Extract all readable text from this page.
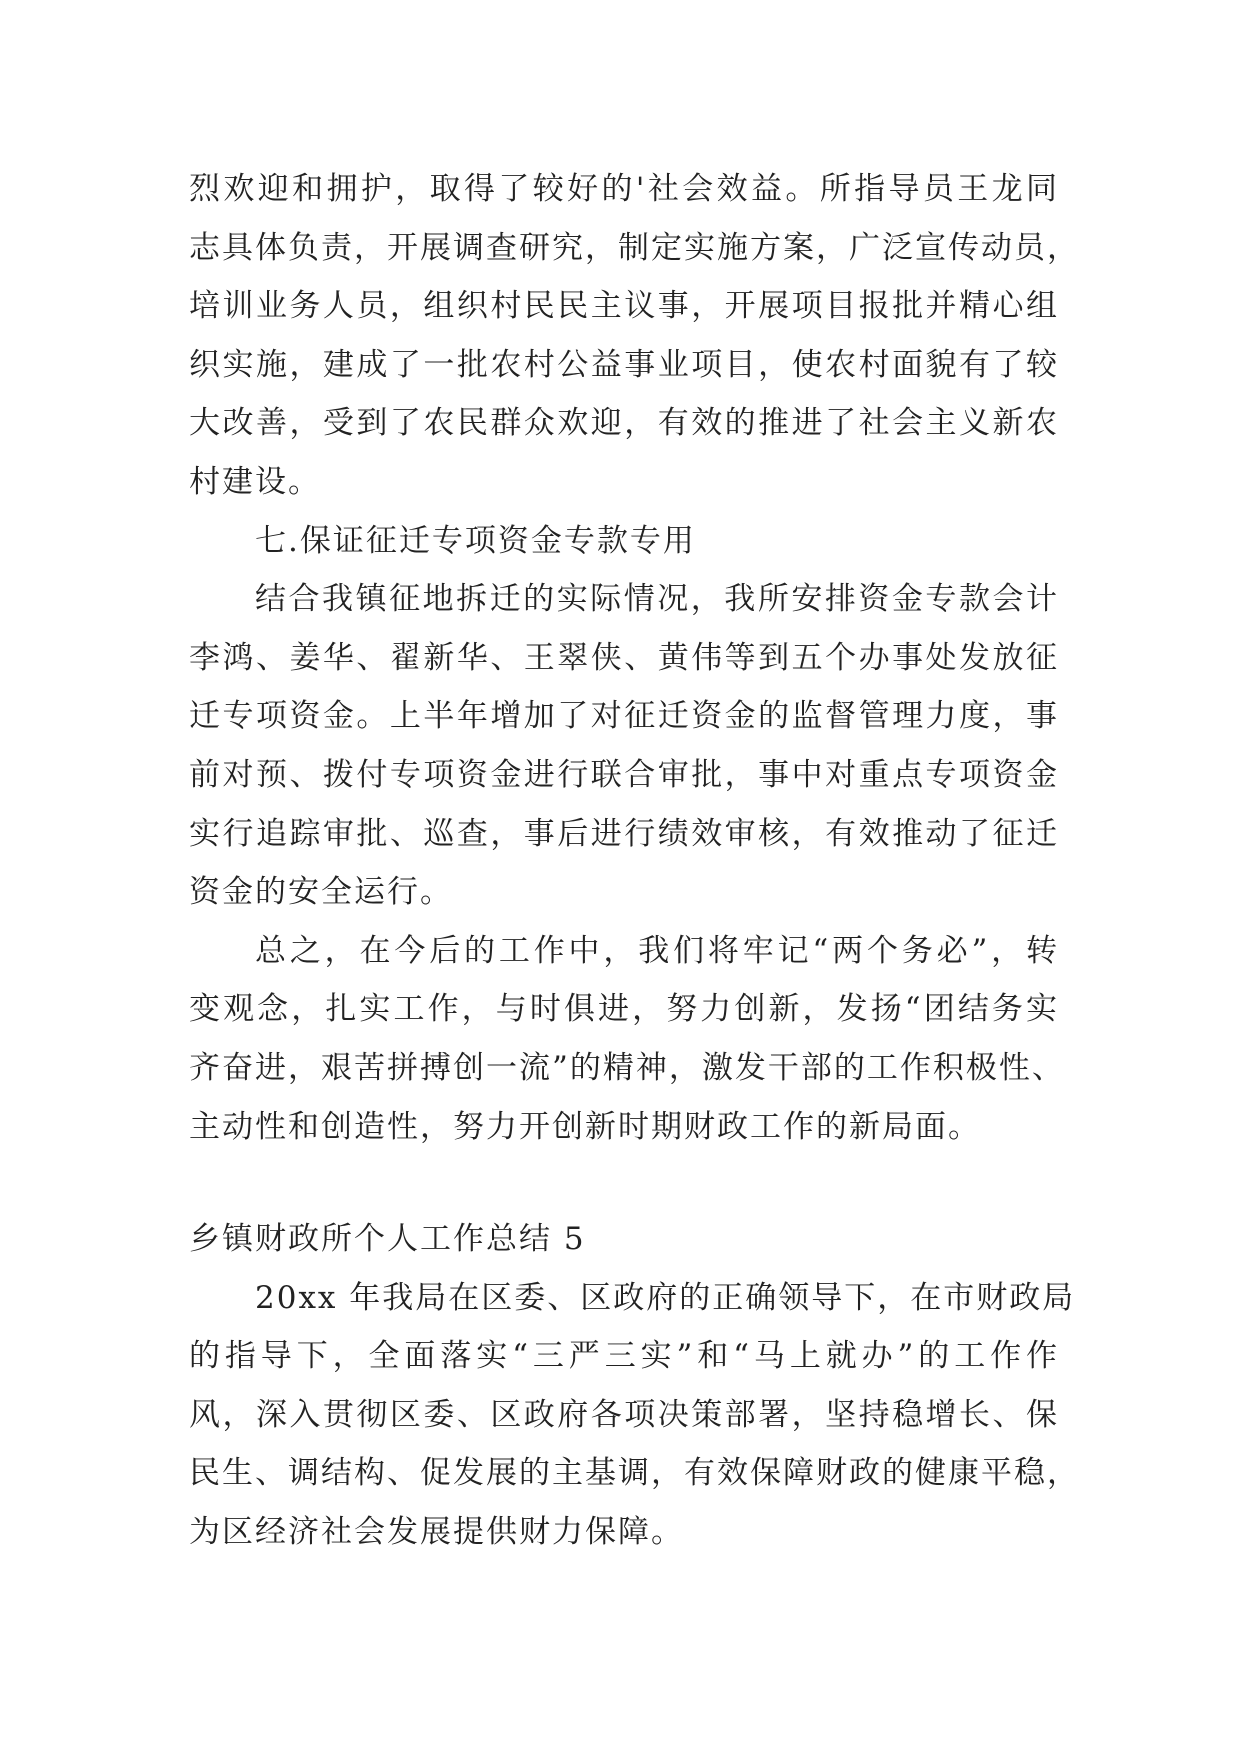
烈欢迎和拥护，取得了较好的'社会效益。所指导员王龙同
志具体负责，开展调查研究，制定实施方案，广泛宣传动员，
培训业务人员，组织村民民主议事，开展项目报批并精心组
织实施，建成了一批农村公益事业项目，使农村面貌有了较
大改善，受到了农民群众欢迎，有效的推进了社会主义新农
村建设。
七.保证征迁专项资金专款专用
结合我镇征地拆迁的实际情况，我所安排资金专款会计
李鸿、姜华、翟新华、王翠侠、黄伟等到五个办事处发放征
迁专项资金。上半年增加了对征迁资金的监督管理力度，事
前对预、拨付专项资金进行联合审批，事中对重点专项资金
实行追踪审批、巡查，事后进行绩效审核，有效推动了征迁
资金的安全运行。
总之，在今后的工作中，我们将牢记“两个务必”，转
变观念，扎实工作，与时俱进，努力创新，发扬“团结务实
齐奋进，艰苦拼搏创一流”的精神，激发干部的工作积极性、
主动性和创造性，努力开创新时期财政工作的新局面。
乡镇财政所个人工作总结 5
20xx 年我局在区委、区政府的正确领导下，在市财政局
的指导下，全面落实“三严三实”和“马上就办”的工作作
风，深入贯彻区委、区政府各项决策部署，坚持稳增长、保
民生、调结构、促发展的主基调，有效保障财政的健康平稳，
为区经济社会发展提供财力保障。
